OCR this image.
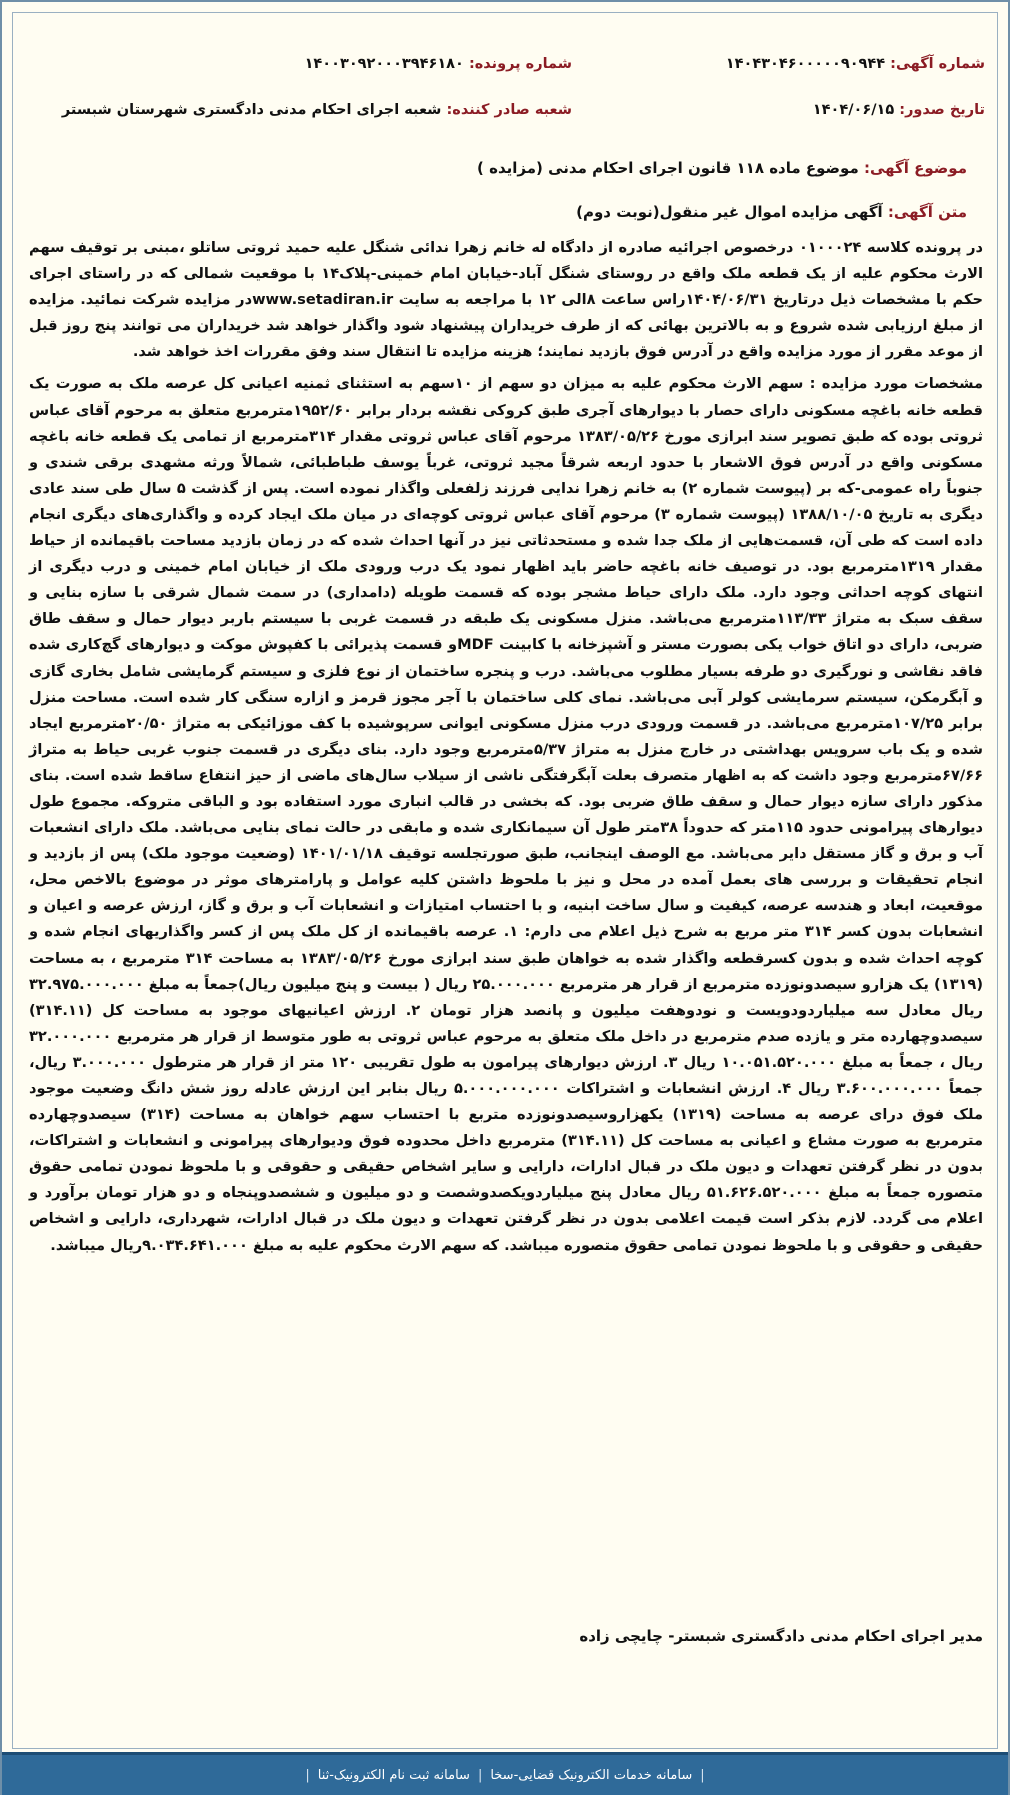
شماره آگهی: ۱۴۰۴۳۰۴۶۰۰۰۰۰۹۰۹۴۴
شماره پرونده: ۱۴۰۰۳۰۹۲۰۰۰۳۹۴۶۱۸۰
تاریخ صدور: ۱۴۰۴/۰۶/۱۵
شعبه صادر کننده: شعبه اجرای احکام مدنی دادگستری شهرستان شبستر
موضوع آگهی: موضوع ماده ۱۱۸ قانون اجرای احکام مدنی (مزایده )
متن آگهی: آگهی مزایده اموال غیر منقول(نوبت دوم)

در پرونده کلاسه ۰۱۰۰۰۲۴ درخصوص اجرائیه صادره از دادگاه له خانم زهرا ندائی شنگل علیه حمید ثروتی ساتلو ،مبنی بر توقیف سهم الارث محکوم علیه از یک قطعه ملک واقع در روستای شنگل آباد-خیابان امام خمینی-پلاک۱۴ با موقعیت شمالی که در راستای اجرای حکم با مشخصات ذیل درتاریخ ۱۴۰۴/۰۶/۳۱راس ساعت ۸الی ۱۲ با مراجعه به سایت www.setadiran.irدر مزایده شرکت نمائید. مزایده از مبلغ ارزیابی شده شروع و به بالاترین بهائی که از طرف خریداران پیشنهاد شود واگذار خواهد شد خریداران می توانند پنج روز قبل از موعد مقرر از مورد مزایده واقع در آدرس فوق بازدید نمایند؛ هزینه مزایده تا انتقال سند وفق مقررات اخذ خواهد شد.

مشخصات مورد مزایده : سهم الارث محکوم علیه به میزان دو سهم از ۱۰سهم به استثنای ثمنیه اعیانی کل عرصه ملک به صورت یک قطعه خانه باغچه مسکونی دارای حصار با دیوارهای آجری طبق کروکی نقشه بردار برابر ۱۹۵۲/۶۰مترمربع متعلق به مرحوم آقای عباس ثروتی بوده که طبق تصویر سند ابرازی مورخ ۱۳۸۳/۰۵/۲۶ مرحوم آقای عباس ثروتی مقدار ۳۱۴مترمربع از تمامی یک قطعه خانه باغچه مسکونی واقع در آدرس فوق الاشعار با حدود اربعه شرقاً مجید ثروتی، غرباً یوسف طباطبائی، شمالاً ورثه مشهدی برقی شندی و جنوباً راه عمومی-که بر (پیوست شماره ۲) به خانم زهرا ندایی فرزند زلفعلی واگذار نموده است. پس از گذشت ۵ سال طی سند عادی دیگری به تاریخ ۱۳۸۸/۱۰/۰۵ (پیوست شماره ۳) مرحوم آقای عباس ثروتی کوچه‌ای در میان ملک ایجاد کرده و واگذاری‌های دیگری انجام داده است که طی آن، قسمت‌هایی از ملک جدا شده و مستحدثاتی نیز در آنها احداث شده که در زمان بازدید مساحت باقیمانده از حیاط مقدار ۱۳۱۹مترمربع بود. در توصیف خانه باغچه حاضر باید اظهار نمود یک درب ورودی ملک از خیابان امام خمینی و درب دیگری از انتهای کوچه احداثی وجود دارد. ملک دارای حیاط مشجر بوده که قسمت طویله (دامداری) در سمت شمال شرقی با سازه بنایی و سقف سبک به متراژ ۱۱۳/۳۳مترمربع می‌باشد. منزل مسکونی یک طبقه در قسمت غربی با سیستم باربر دیوار حمال و سقف طاق ضربی، دارای دو اتاق خواب یکی بصورت مستر و آشپزخانه با کابینت MDFو قسمت پذیرائی با کفپوش موکت و دیوارهای گچ‌کاری شده فاقد نقاشی و نورگیری دو طرفه بسیار مطلوب می‌باشد. درب و پنجره ساختمان از نوع فلزی و سیستم گرمایشی شامل بخاری گازی و آبگرمکن، سیستم سرمایشی کولر آبی می‌باشد. نمای کلی ساختمان با آجر مجوز قرمز و ازاره سنگی کار شده است. مساحت منزل برابر ۱۰۷/۲۵مترمربع می‌باشد. در قسمت ورودی درب منزل مسکونی ایوانی سرپوشیده با کف موزائیکی به متراژ ۲۰/۵۰مترمربع ایجاد شده و یک باب سرویس بهداشتی در خارج منزل به متراژ ۵/۳۷مترمربع وجود دارد. بنای دیگری در قسمت جنوب غربی حیاط به متراژ ۶۷/۶۶مترمربع وجود داشت که به اظهار متصرف بعلت آبگرفتگی ناشی از سیلاب سال‌های ماضی از حیز انتفاع ساقط شده است. بنای مذکور دارای سازه دیوار حمال و سقف طاق ضربی بود. که بخشی در قالب انباری مورد استفاده بود و الباقی متروکه. مجموع طول دیوارهای پیرامونی حدود ۱۱۵متر که حدوداً ۳۸متر طول آن سیمانکاری شده و مابقی در حالت نمای بنایی می‌باشد. ملک دارای انشعبات آب و برق و گاز مستقل دایر می‌باشد. مع الوصف اینجانب، طبق صورتجلسه توقیف ۱۴۰۱/۰۱/۱۸ (وضعیت موجود ملک) پس از بازدید و انجام تحقیقات و بررسی های بعمل آمده در محل و نیز با ملحوظ داشتن کلیه عوامل و پارامترهای موثر در موضوع بالاخص محل، موقعیت، ابعاد و هندسه عرصه، کیفیت و سال ساخت ابنیه، و با احتساب امتیازات و انشعابات آب و برق و گاز، ارزش عرصه و اعیان و انشعابات بدون کسر ۳۱۴ متر مربع به شرح ذیل اعلام می دارم: ۱. عرصه باقیمانده از کل ملک پس از کسر واگذاریهای انجام شده و کوچه احداث شده و بدون کسرقطعه واگذار شده به خواهان طبق سند ابرازی مورخ ۱۳۸۳/۰۵/۲۶ به مساحت ۳۱۴ مترمربع ، به مساحت (۱۳۱۹) یک هزارو سیصدونوزده مترمربع از قرار هر مترمربع ۲۵.۰۰۰.۰۰۰ ریال ( بیست و پنج میلیون ریال)جمعاً به مبلغ ۳۲.۹۷۵.۰۰۰.۰۰۰ ریال معادل سه میلیاردودویست و نودوهفت میلیون و پانصد هزار تومان ۲. ارزش اعیانیهای موجود به مساحت کل (۳۱۴.۱۱) سیصدوچهارده متر و یازده صدم مترمربع در داخل ملک متعلق به مرحوم عباس ثروتی به طور متوسط از قرار هر مترمربع ۳۲.۰۰۰.۰۰۰ ریال ، جمعاً به مبلغ ۱۰.۰۵۱.۵۲۰.۰۰۰ ریال ۳. ارزش دیوارهای پیرامون به طول تقریبی ۱۲۰ متر از قرار هر مترطول ۳.۰۰۰.۰۰۰ ریال، جمعاً ۳.۶۰۰.۰۰۰.۰۰۰ ریال ۴. ارزش انشعابات و اشتراکات ۵.۰۰۰.۰۰۰.۰۰۰ ریال بنابر این ارزش عادله روز شش دانگ وضعیت موجود ملک فوق درای عرصه به مساحت (۱۳۱۹) یکهزاروسیصدونوزده متربع با احتساب سهم خواهان به مساحت (۳۱۴) سیصدوچهارده مترمربع به صورت مشاع و اعیانی به مساحت کل (۳۱۴.۱۱) مترمربع داخل محدوده فوق ودیوارهای پیرامونی و انشعابات و اشتراکات، بدون در نظر گرفتن تعهدات و دیون ملک در قبال ادارات، دارایی و سایر اشخاص حقیقی و حقوقی و با ملحوظ نمودن تمامی حقوق متصوره جمعاً به مبلغ ۵۱.۶۲۶.۵۲۰.۰۰۰ ریال معادل پنج میلیاردویکصدوشصت و دو میلیون و ششصدوپنجاه و دو هزار تومان برآورد و اعلام می گردد. لازم بذکر است قیمت اعلامی بدون در نظر گرفتن تعهدات و دیون ملک در قبال ادارات، شهرداری، دارایی و اشخاص حقیقی و حقوقی و با ملحوظ نمودن تمامی حقوق متصوره میباشد. که سهم الارث محکوم علیه به مبلغ ۹.۰۳۴.۶۴۱.۰۰۰ریال میباشد.

مدیر اجرای احکام مدنی دادگستری شبستر- چایچی زاده
|
سامانه خدمات الکترونیک قضایی-سخا
|
سامانه ثبت نام الکترونیک-ثنا
|
